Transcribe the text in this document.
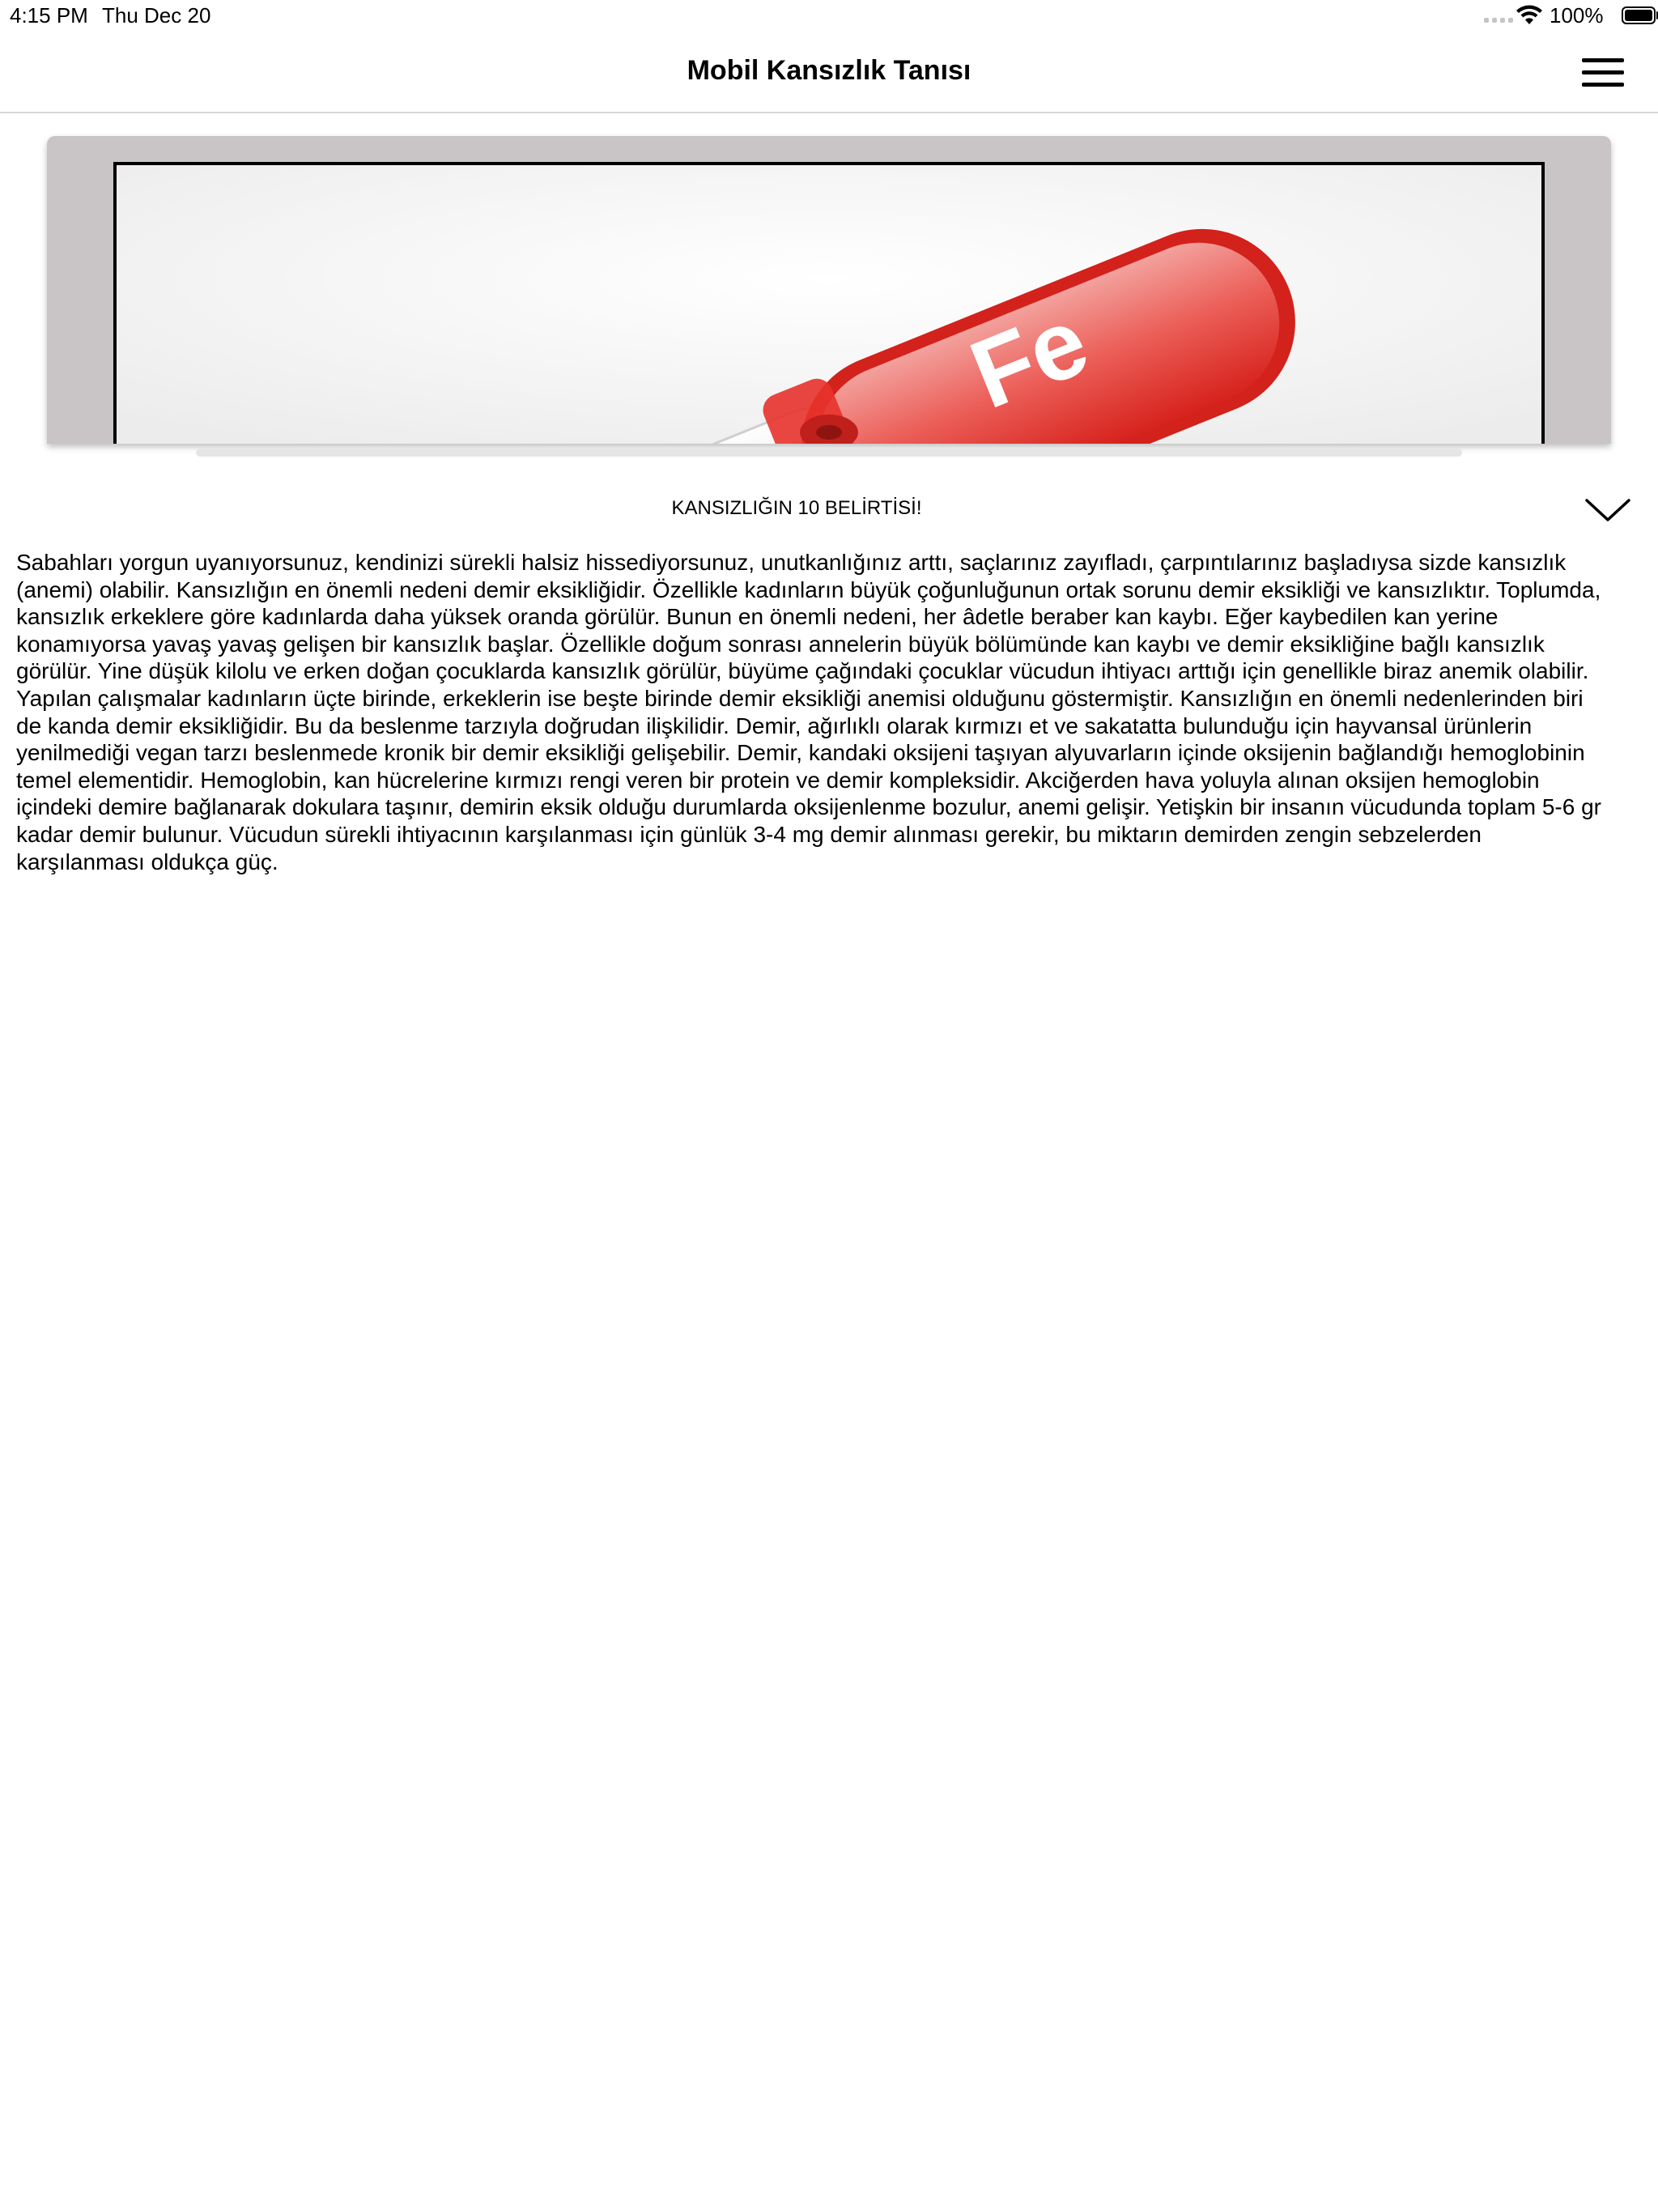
4:15 PM Thu Dec 20	100%
Mobil Kansızlık Tanısı
Fe
KANSIZLIĞIN 10 BELİRTİSİ!

Sabahları yorgun uyanıyorsunuz, kendinizi sürekli halsiz hissediyorsunuz, unutkanlığınız arttı, saçlarınız zayıfladı, çarpıntılarınız başladıysa sizde kansızlık (anemi) olabilir. Kansızlığın en önemli nedeni demir eksikliğidir. Özellikle kadınların büyük çoğunluğunun ortak sorunu demir eksikliği ve kansızlıktır. Toplumda, kansızlık erkeklere göre kadınlarda daha yüksek oranda görülür. Bunun en önemli nedeni, her âdetle beraber kan kaybı. Eğer kaybedilen kan yerine konamıyorsa yavaş yavaş gelişen bir kansızlık başlar. Özellikle doğum sonrası annelerin büyük bölümünde kan kaybı ve demir eksikliğine bağlı kansızlık görülür. Yine düşük kilolu ve erken doğan çocuklarda kansızlık görülür, büyüme çağındaki çocuklar vücudun ihtiyacı arttığı için genellikle biraz anemik olabilir. Yapılan çalışmalar kadınların üçte birinde, erkeklerin ise beşte birinde demir eksikliği anemisi olduğunu göstermiştir. Kansızlığın en önemli nedenlerinden biri de kanda demir eksikliğidir. Bu da beslenme tarzıyla doğrudan ilişkilidir. Demir, ağırlıklı olarak kırmızı et ve sakatatta bulunduğu için hayvansal ürünlerin yenilmediği vegan tarzı beslenmede kronik bir demir eksikliği gelişebilir. Demir, kandaki oksijeni taşıyan alyuvarların içinde oksijenin bağlandığı hemoglobinin temel elementidir. Hemoglobin, kan hücrelerine kırmızı rengi veren bir protein ve demir kompleksidir. Akciğerden hava yoluyla alınan oksijen hemoglobin içindeki demire bağlanarak dokulara taşınır, demirin eksik olduğu durumlarda oksijenlenme bozulur, anemi gelişir. Yetişkin bir insanın vücudunda toplam 5-6 gr kadar demir bulunur. Vücudun sürekli ihtiyacının karşılanması için günlük 3-4 mg demir alınması gerekir, bu miktarın demirden zengin sebzelerden karşılanması oldukça güç.
